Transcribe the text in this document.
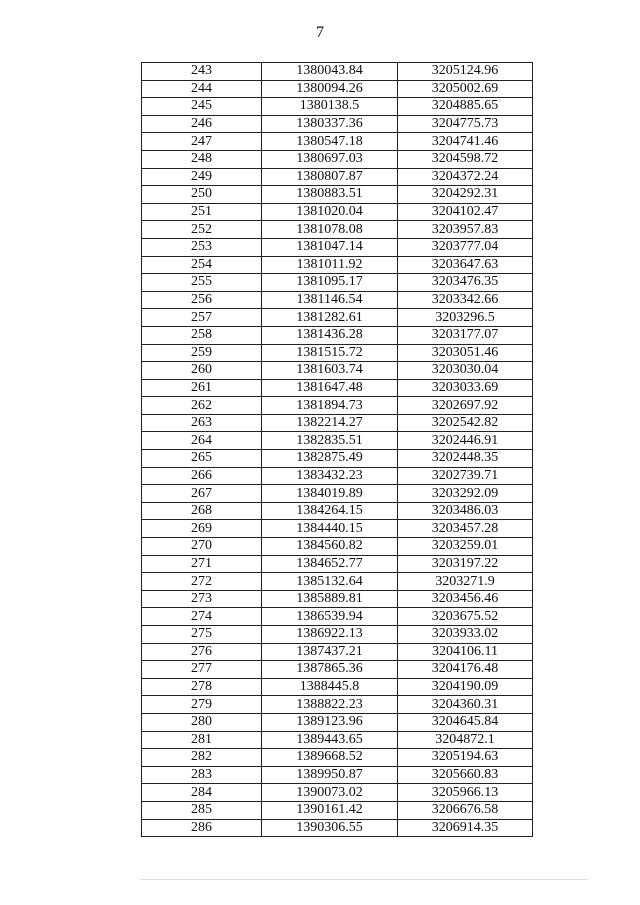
7
243	1380043.84	3205124.96
244	1380094.26	3205002.69
245	1380138.5	3204885.65
246	1380337.36	3204775.73
247	1380547.18	3204741.46
248	1380697.03	3204598.72
249	1380807.87	3204372.24
250	1380883.51	3204292.31
251	1381020.04	3204102.47
252	1381078.08	3203957.83
253	1381047.14	3203777.04
254	1381011.92	3203647.63
255	1381095.17	3203476.35
256	1381146.54	3203342.66
257	1381282.61	3203296.5
258	1381436.28	3203177.07
259	1381515.72	3203051.46
260	1381603.74	3203030.04
261	1381647.48	3203033.69
262	1381894.73	3202697.92
263	1382214.27	3202542.82
264	1382835.51	3202446.91
265	1382875.49	3202448.35
266	1383432.23	3202739.71
267	1384019.89	3203292.09
268	1384264.15	3203486.03
269	1384440.15	3203457.28
270	1384560.82	3203259.01
271	1384652.77	3203197.22
272	1385132.64	3203271.9
273	1385889.81	3203456.46
274	1386539.94	3203675.52
275	1386922.13	3203933.02
276	1387437.21	3204106.11
277	1387865.36	3204176.48
278	1388445.8	3204190.09
279	1388822.23	3204360.31
280	1389123.96	3204645.84
281	1389443.65	3204872.1
282	1389668.52	3205194.63
283	1389950.87	3205660.83
284	1390073.02	3205966.13
285	1390161.42	3206676.58
286	1390306.55	3206914.35
